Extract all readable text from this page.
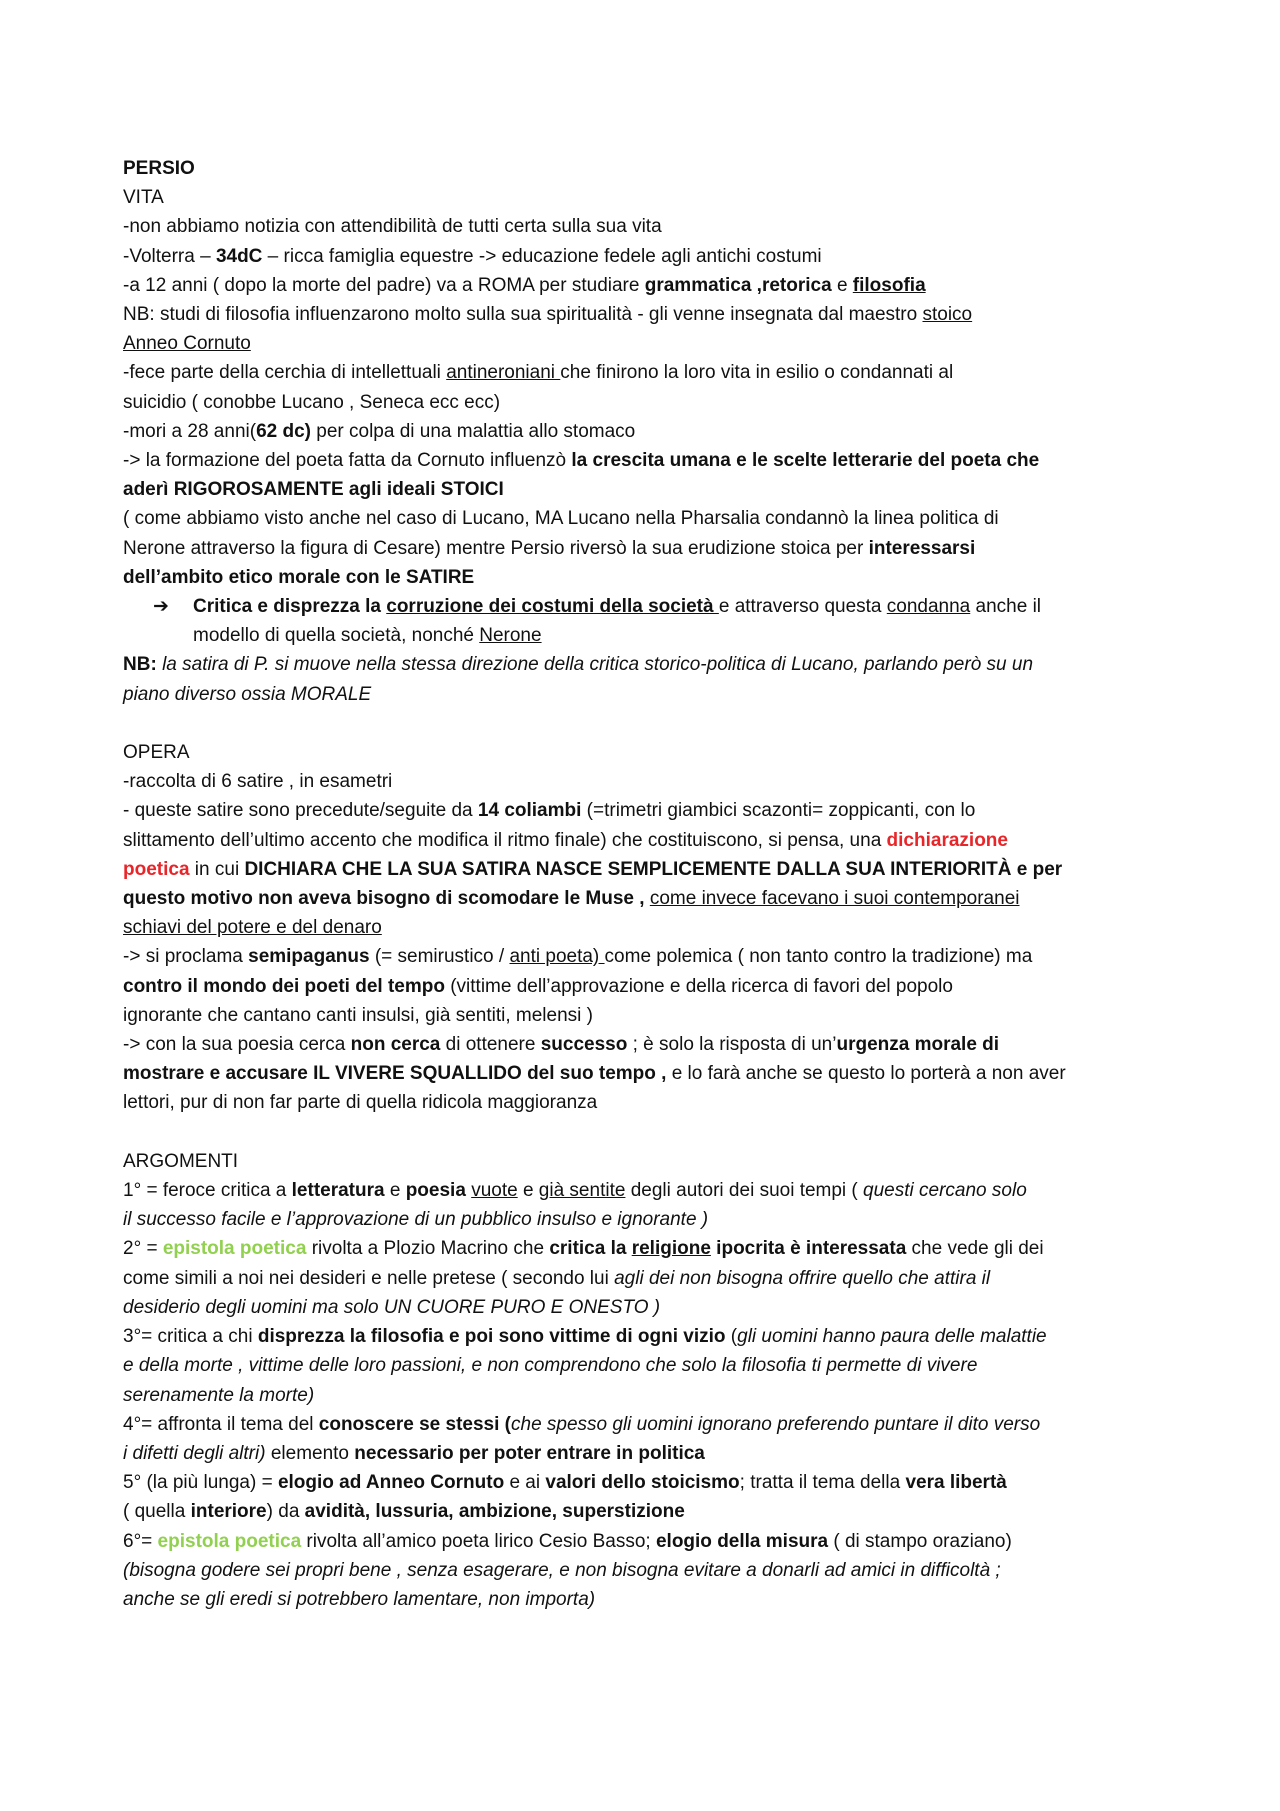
PERSIO
VITA
-non abbiamo notizia con attendibilità de tutti certa sulla sua vita
-Volterra – 34dC – ricca famiglia equestre -> educazione fedele agli antichi costumi
-a 12 anni ( dopo la morte del padre) va a ROMA per studiare grammatica ,retorica e filosofia
NB: studi di filosofia influenzarono molto sulla sua spiritualità - gli venne insegnata dal maestro stoico
Anneo Cornuto
-fece parte della cerchia di intellettuali antineroniani che finirono la loro vita in esilio o condannati al
suicidio ( conobbe Lucano , Seneca ecc ecc)
-mori a 28 anni(62 dc) per colpa di una malattia allo stomaco
-> la formazione del poeta fatta da Cornuto influenzò la crescita umana e le scelte letterarie del poeta che
aderì RIGOROSAMENTE agli ideali STOICI
( come abbiamo visto anche nel caso di Lucano, MA Lucano nella Pharsalia condannò la linea politica di
Nerone attraverso la figura di Cesare) mentre Persio riversò la sua erudizione stoica per interessarsi
dell’ambito etico morale con le SATIRE
➔	Critica e disprezza la corruzione dei costumi della società e attraverso questa condanna anche il
modello di quella società, nonché Nerone
NB: la satira di P. si muove nella stessa direzione della critica storico-politica di Lucano, parlando però su un
piano diverso ossia MORALE
OPERA
-raccolta di 6 satire , in esametri
- queste satire sono precedute/seguite da 14 coliambi (=trimetri giambici scazonti= zoppicanti, con lo
slittamento dell’ultimo accento che modifica il ritmo finale) che costituiscono, si pensa, una dichiarazione
poetica in cui DICHIARA CHE LA SUA SATIRA NASCE SEMPLICEMENTE DALLA SUA INTERIORITÀ e per
questo motivo non aveva bisogno di scomodare le Muse , come invece facevano i suoi contemporanei
schiavi del potere e del denaro
-> si proclama semipaganus (= semirustico / anti poeta) come polemica ( non tanto contro la tradizione) ma
contro il mondo dei poeti del tempo (vittime dell’approvazione e della ricerca di favori del popolo
ignorante che cantano canti insulsi, già sentiti, melensi )
-> con la sua poesia cerca non cerca di ottenere successo ; è solo la risposta di un’urgenza morale di
mostrare e accusare IL VIVERE SQUALLIDO del suo tempo , e lo farà anche se questo lo porterà a non aver
lettori, pur di non far parte di quella ridicola maggioranza
ARGOMENTI
1° = feroce critica a letteratura e poesia vuote e già sentite degli autori dei suoi tempi ( questi cercano solo
il successo facile e l’approvazione di un pubblico insulso e ignorante )
2° = epistola poetica rivolta a Plozio Macrino che critica la religione ipocrita è interessata che vede gli dei
come simili a noi nei desideri e nelle pretese ( secondo lui agli dei non bisogna offrire quello che attira il
desiderio degli uomini ma solo UN CUORE PURO E ONESTO )
3°= critica a chi disprezza la filosofia e poi sono vittime di ogni vizio (gli uomini hanno paura delle malattie
e della morte , vittime delle loro passioni, e non comprendono che solo la filosofia ti permette di vivere
serenamente la morte)
4°= affronta il tema del conoscere se stessi (che spesso gli uomini ignorano preferendo puntare il dito verso
i difetti degli altri) elemento necessario per poter entrare in politica
5° (la più lunga) = elogio ad Anneo Cornuto e ai valori dello stoicismo; tratta il tema della vera libertà
( quella interiore) da avidità, lussuria, ambizione, superstizione
6°= epistola poetica rivolta all’amico poeta lirico Cesio Basso; elogio della misura ( di stampo oraziano)
(bisogna godere sei propri bene , senza esagerare, e non bisogna evitare a donarli ad amici in difficoltà ;
anche se gli eredi si potrebbero lamentare, non importa)
